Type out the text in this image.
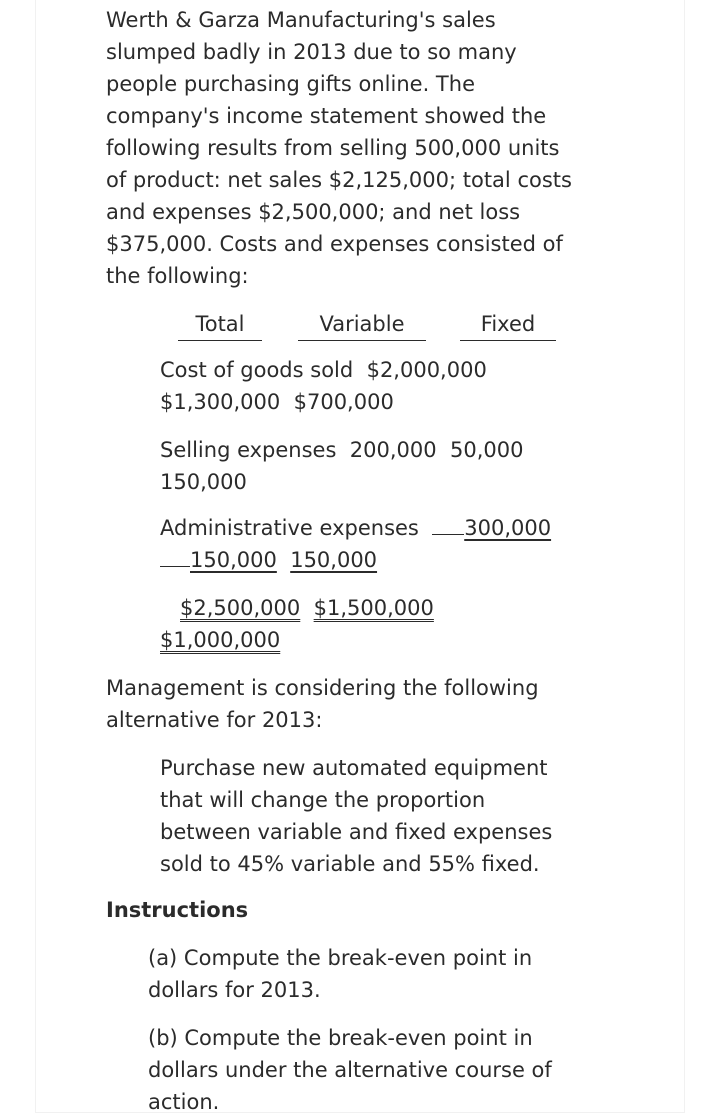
Werth & Garza Manufacturing's sales
slumped badly in 2013 due to so many
people purchasing gifts online. The
company's income statement showed the
following results from selling 500,000 units
of product: net sales $2,125,000; total costs
and expenses $2,500,000; and net loss
$375,000. Costs and expenses consisted of
the following:
Total	Variable	Fixed
Cost of goods sold $2,000,000
$1,300,000 $700,000
Selling expenses 200,000 50,000
150,000
Administrative expenses 300,000
150,000 150,000
$2,500,000 $1,500,000
$1,000,000
Management is considering the following
alternative for 2013:
Purchase new automated equipment
that will change the proportion
between variable and fixed expenses
sold to 45% variable and 55% fixed.
Instructions
(a) Compute the break-even point in
dollars for 2013.
(b) Compute the break-even point in
dollars under the alternative course of
action.
